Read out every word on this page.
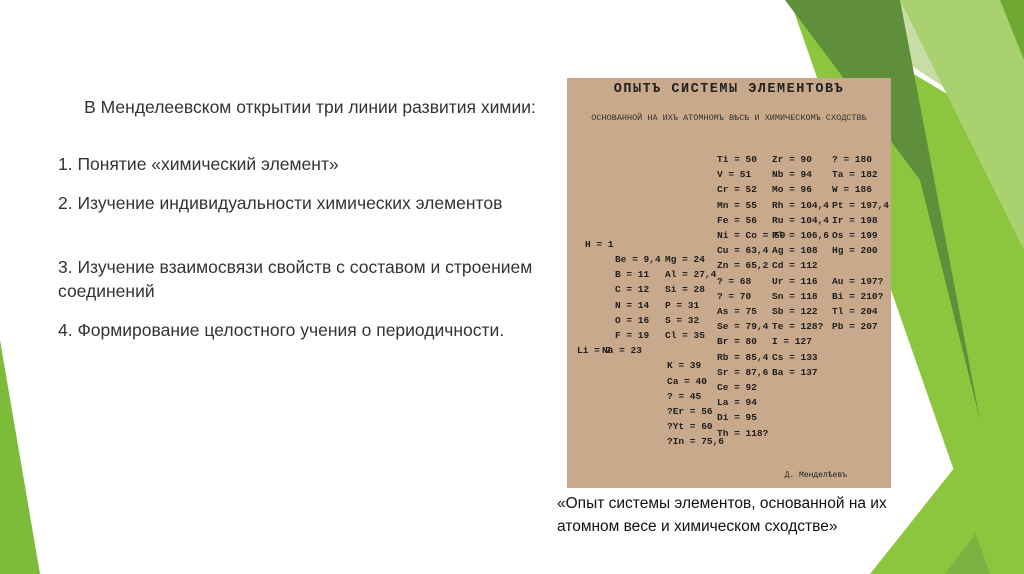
В Менделеевском открытии три линии развития химии:
1. Понятие «химический элемент»
2. Изучение индивидуальности химических элементов
3. Изучение взаимосвязи свойств с составом и строением соединений
4. Формирование целостного учения о периодичности.
ОПЫТЪ СИСТЕМЫ ЭЛЕМЕНТОВЪ
ОСНОВАННОЙ НА ИХЪ АТОМНОМЪ ВѢСѢ И ХИМИЧЕСКОМЪ СХОДСТВѢ
Ti = 50
V = 51
Cr = 52
Mn = 55
Fe = 56
Ni = Co = 59
Cu = 63,4
Zn = 65,2
? = 68
? = 70
As = 75
Se = 79,4
Br = 80
Rb = 85,4
Sr = 87,6
Ce = 92
La = 94
Di = 95
Th = 118?
Zr = 90
Nb = 94
Mo = 96
Rh = 104,4
Ru = 104,4
Pl = 106,6
Ag = 108
Cd = 112
Ur = 116
Sn = 118
Sb = 122
Te = 128?
I = 127
Cs = 133
Ba = 137
? = 180
Ta = 182
W = 186
Pt = 197,4
Ir = 198
Os = 199
Hg = 200
Au = 197?
Bi = 210?
Tl = 204
Pb = 207
Be = 9,4
B = 11
C = 12
N = 14
O = 16
F = 19
Na = 23
K = 39
Ca = 40
? = 45
?Er = 56
?Yt = 60
?In = 75,6
Mg = 24
Al = 27,4
Si = 28
P = 31
S = 32
Cl = 35
Li = 7
H = 1
Д. Менделѣевъ
«Опыт системы элементов, основанной на их атомном весе и химическом сходстве»
